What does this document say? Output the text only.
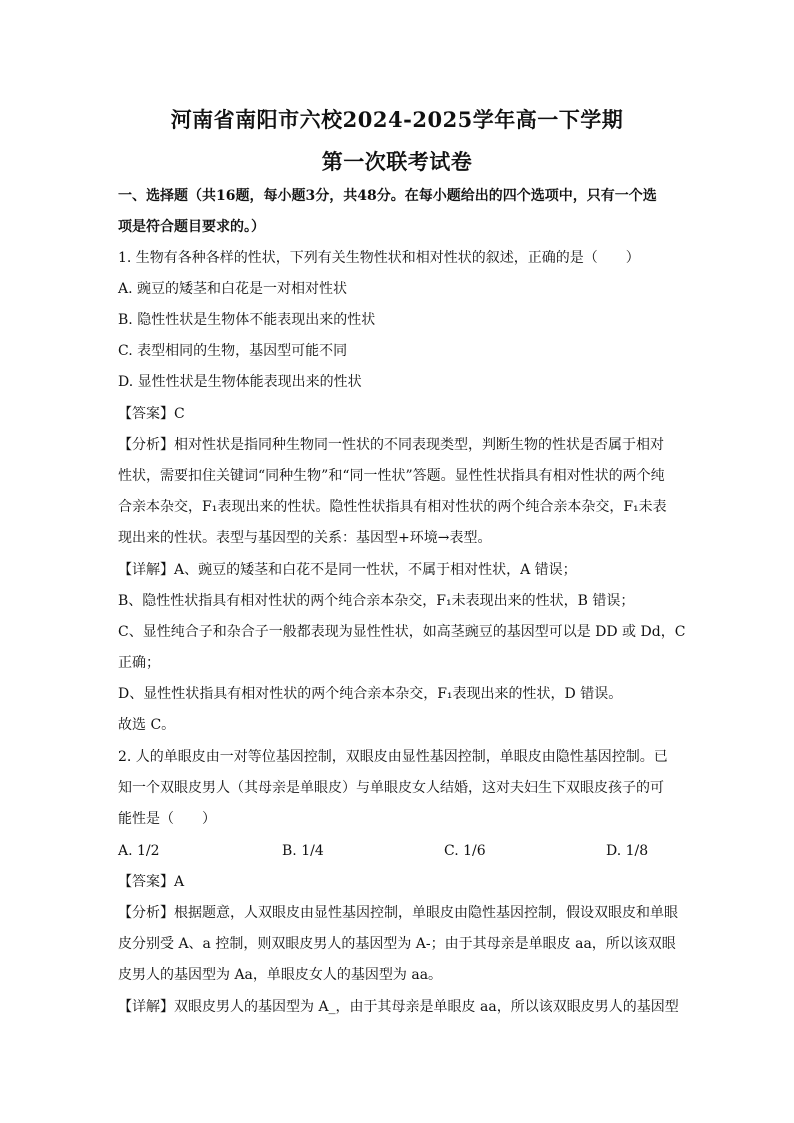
河南省南阳市六校2024-2025学年高一下学期
第一次联考试卷
一、选择题（共16题，每小题3分，共48分。在每小题给出的四个选项中，只有一个选
项是符合题目要求的。）
1. 生物有各种各样的性状，下列有关生物性状和相对性状的叙述，正确的是（　　）
A. 豌豆的矮茎和白花是一对相对性状
B. 隐性性状是生物体不能表现出来的性状
C. 表型相同的生物，基因型可能不同
D. 显性性状是生物体能表现出来的性状
【答案】C
【分析】相对性状是指同种生物同一性状的不同表现类型，判断生物的性状是否属于相对
性状，需要扣住关键词“同种生物”和“同一性状”答题。显性性状指具有相对性状的两个纯
合亲本杂交，F₁表现出来的性状。隐性性状指具有相对性状的两个纯合亲本杂交，F₁未表
现出来的性状。表型与基因型的关系：基因型+环境→表型。
【详解】A、豌豆的矮茎和白花不是同一性状，不属于相对性状，A 错误；
B、隐性性状指具有相对性状的两个纯合亲本杂交，F₁未表现出来的性状，B 错误；
C、显性纯合子和杂合子一般都表现为显性性状，如高茎豌豆的基因型可以是 DD 或 Dd，C
正确；
D、显性性状指具有相对性状的两个纯合亲本杂交，F₁表现出来的性状，D 错误。
故选 C。
2. 人的单眼皮由一对等位基因控制，双眼皮由显性基因控制，单眼皮由隐性基因控制。已
知一个双眼皮男人（其母亲是单眼皮）与单眼皮女人结婚，这对夫妇生下双眼皮孩子的可
能性是（　　）
A. 1/2	B. 1/4	C. 1/6	D. 1/8
【答案】A
【分析】根据题意，人双眼皮由显性基因控制，单眼皮由隐性基因控制，假设双眼皮和单眼
皮分别受 A、a 控制，则双眼皮男人的基因型为 A-；由于其母亲是单眼皮 aa，所以该双眼
皮男人的基因型为 Aa，单眼皮女人的基因型为 aa。
【详解】双眼皮男人的基因型为 A_，由于其母亲是单眼皮 aa，所以该双眼皮男人的基因型
